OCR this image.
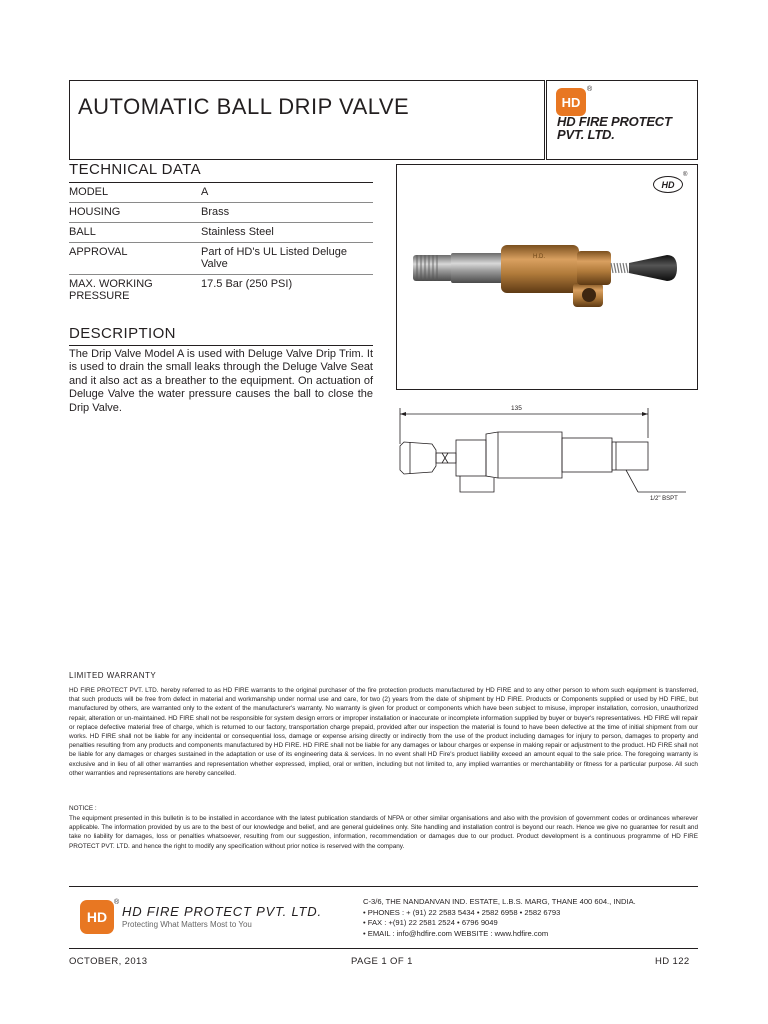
AUTOMATIC BALL DRIP VALVE	HD
®
HD FIRE PROTECT
PVT. LTD.
TECHNICAL DATA
MODEL	A
HOUSING	Brass
BALL	Stainless Steel
APPROVAL	Part of HD's UL Listed Deluge Valve
MAX. WORKING PRESSURE	17.5 Bar (250 PSI)
DESCRIPTION
The Drip Valve Model A is used with Deluge Valve Drip Trim. It is used to drain the small leaks through the Deluge Valve Seat and it also act as a breather to the equipment. On actuation of Deluge Valve the water pressure causes the ball to close the Drip Valve.
HD
®
H.D.
135
1/2" BSPT
LIMITED WARRANTY
HD FIRE PROTECT PVT. LTD. hereby referred to as HD FIRE warrants to the original purchaser of the fire protection products manufactured by HD FIRE and to any other person to whom such equipment is transferred, that such products will be free from defect in material and workmanship under normal use and care, for two (2) years from the date of shipment by HD FIRE. Products or Components supplied or used by HD FIRE, but manufactured by others, are warranted only to the extent of the manufacturer's warranty. No warranty is given for product or components which have been subject to misuse, improper installation, corrosion, unauthorized repair, alteration or un-maintained. HD FIRE shall not be responsible for system design errors or improper installation or inaccurate or incomplete information supplied by buyer or buyer's representatives. HD FIRE will repair or replace defective material free of charge, which is returned to our factory, transportation charge prepaid, provided after our inspection the material is found to have been defective at the time of initial shipment from our works. HD FIRE shall not be liable for any incidental or consequential loss, damage or expense arising directly or indirectly from the use of the product including damages for injury to person, damages to property and penalties resulting from any products and components manufactured by HD FIRE. HD FIRE shall not be liable for any damages or labour charges or expense in making repair or adjustment to the product. HD FIRE shall not be liable for any damages or charges sustained in the adaptation or use of its engineering data & services. In no event shall HD Fire's product liability exceed an amount equal to the sale price. The foregoing warranty is exclusive and in lieu of all other warranties and representation whether expressed, implied, oral or written, including but not limited to, any implied warranties or merchantability or fitness for a particular purpose. All such other warranties and representations are hereby cancelled.
NOTICE :
The equipment presented in this bulletin is to be installed in accordance with the latest publication standards of NFPA or other similar organisations and also with the provision of government codes or ordinances wherever applicable. The information provided by us are to the best of our knowledge and belief, and are general guidelines only. Site handling and installation control is beyond our reach. Hence we give no guarantee for result and take no liability for damages, loss or penalties whatsoever, resulting from our suggestion, information, recommendation or damages due to our product. Product development is a continuous programme of HD FIRE PROTECT PVT. LTD. and hence the right to modify any specification without prior notice is reserved with the company.
HD
®
HD FIRE PROTECT PVT. LTD.
Protecting What Matters Most to You
C-3/6, THE NANDANVAN IND. ESTATE, L.B.S. MARG, THANE 400 604., INDIA.
• PHONES : + (91) 22 2583 5434 • 2582 6958 • 2582 6793
• FAX : +(91) 22 2581 2524 • 6796 9049
• EMAIL : info@hdfire.com WEBSITE : www.hdfire.com
OCTOBER, 2013	PAGE 1 OF 1	HD 122
